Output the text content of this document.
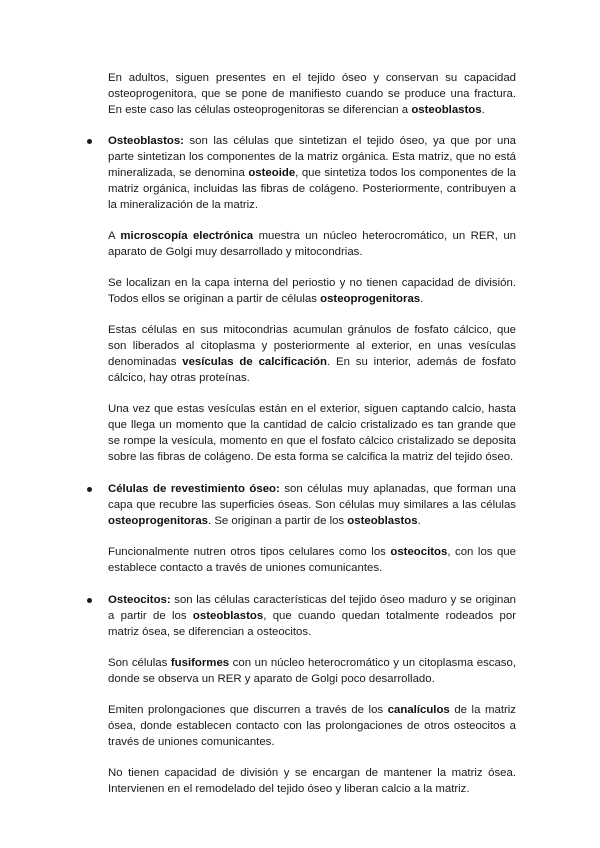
En adultos, siguen presentes en el tejido óseo y conservan su capacidad osteoprogenitora, que se pone de manifiesto cuando se produce una fractura. En este caso las células osteoprogenitoras se diferencian a osteoblastos.

Osteoblastos: son las células que sintetizan el tejido óseo, ya que por una parte sintetizan los componentes de la matriz orgánica. Esta matriz, que no está mineralizada, se denomina osteoide, que sintetiza todos los componentes de la matriz orgánica, incluidas las fibras de colágeno. Posteriormente, contribuyen a la mineralización de la matriz.

A microscopía electrónica muestra un núcleo heterocromático, un RER, un aparato de Golgi muy desarrollado y mitocondrias.

Se localizan en la capa interna del periostio y no tienen capacidad de división. Todos ellos se originan a partir de células osteoprogenitoras.

Estas células en sus mitocondrias acumulan gránulos de fosfato cálcico, que son liberados al citoplasma y posteriormente al exterior, en unas vesículas denominadas vesículas de calcificación. En su interior, además de fosfato cálcico, hay otras proteínas.

Una vez que estas vesículas están en el exterior, siguen captando calcio, hasta que llega un momento que la cantidad de calcio cristalizado es tan grande que se rompe la vesícula, momento en que el fosfato cálcico cristalizado se deposita sobre las fibras de colágeno. De esta forma se calcifica la matriz del tejido óseo.

Células de revestimiento óseo: son células muy aplanadas, que forman una capa que recubre las superficies óseas. Son células muy similares a las células osteoprogenitoras. Se originan a partir de los osteoblastos.

Funcionalmente nutren otros tipos celulares como los osteocitos, con los que establece contacto a través de uniones comunicantes.

Osteocitos: son las células características del tejido óseo maduro y se originan a partir de los osteoblastos, que cuando quedan totalmente rodeados por matriz ósea, se diferencian a osteocitos.

Son células fusiformes con un núcleo heterocromático y un citoplasma escaso, donde se observa un RER y aparato de Golgi poco desarrollado.

Emiten prolongaciones que discurren a través de los canalículos de la matriz ósea, donde establecen contacto con las prolongaciones de otros osteocitos a través de uniones comunicantes.

No tienen capacidad de división y se encargan de mantener la matriz ósea. Intervienen en el remodelado del tejido óseo y liberan calcio a la matriz.
